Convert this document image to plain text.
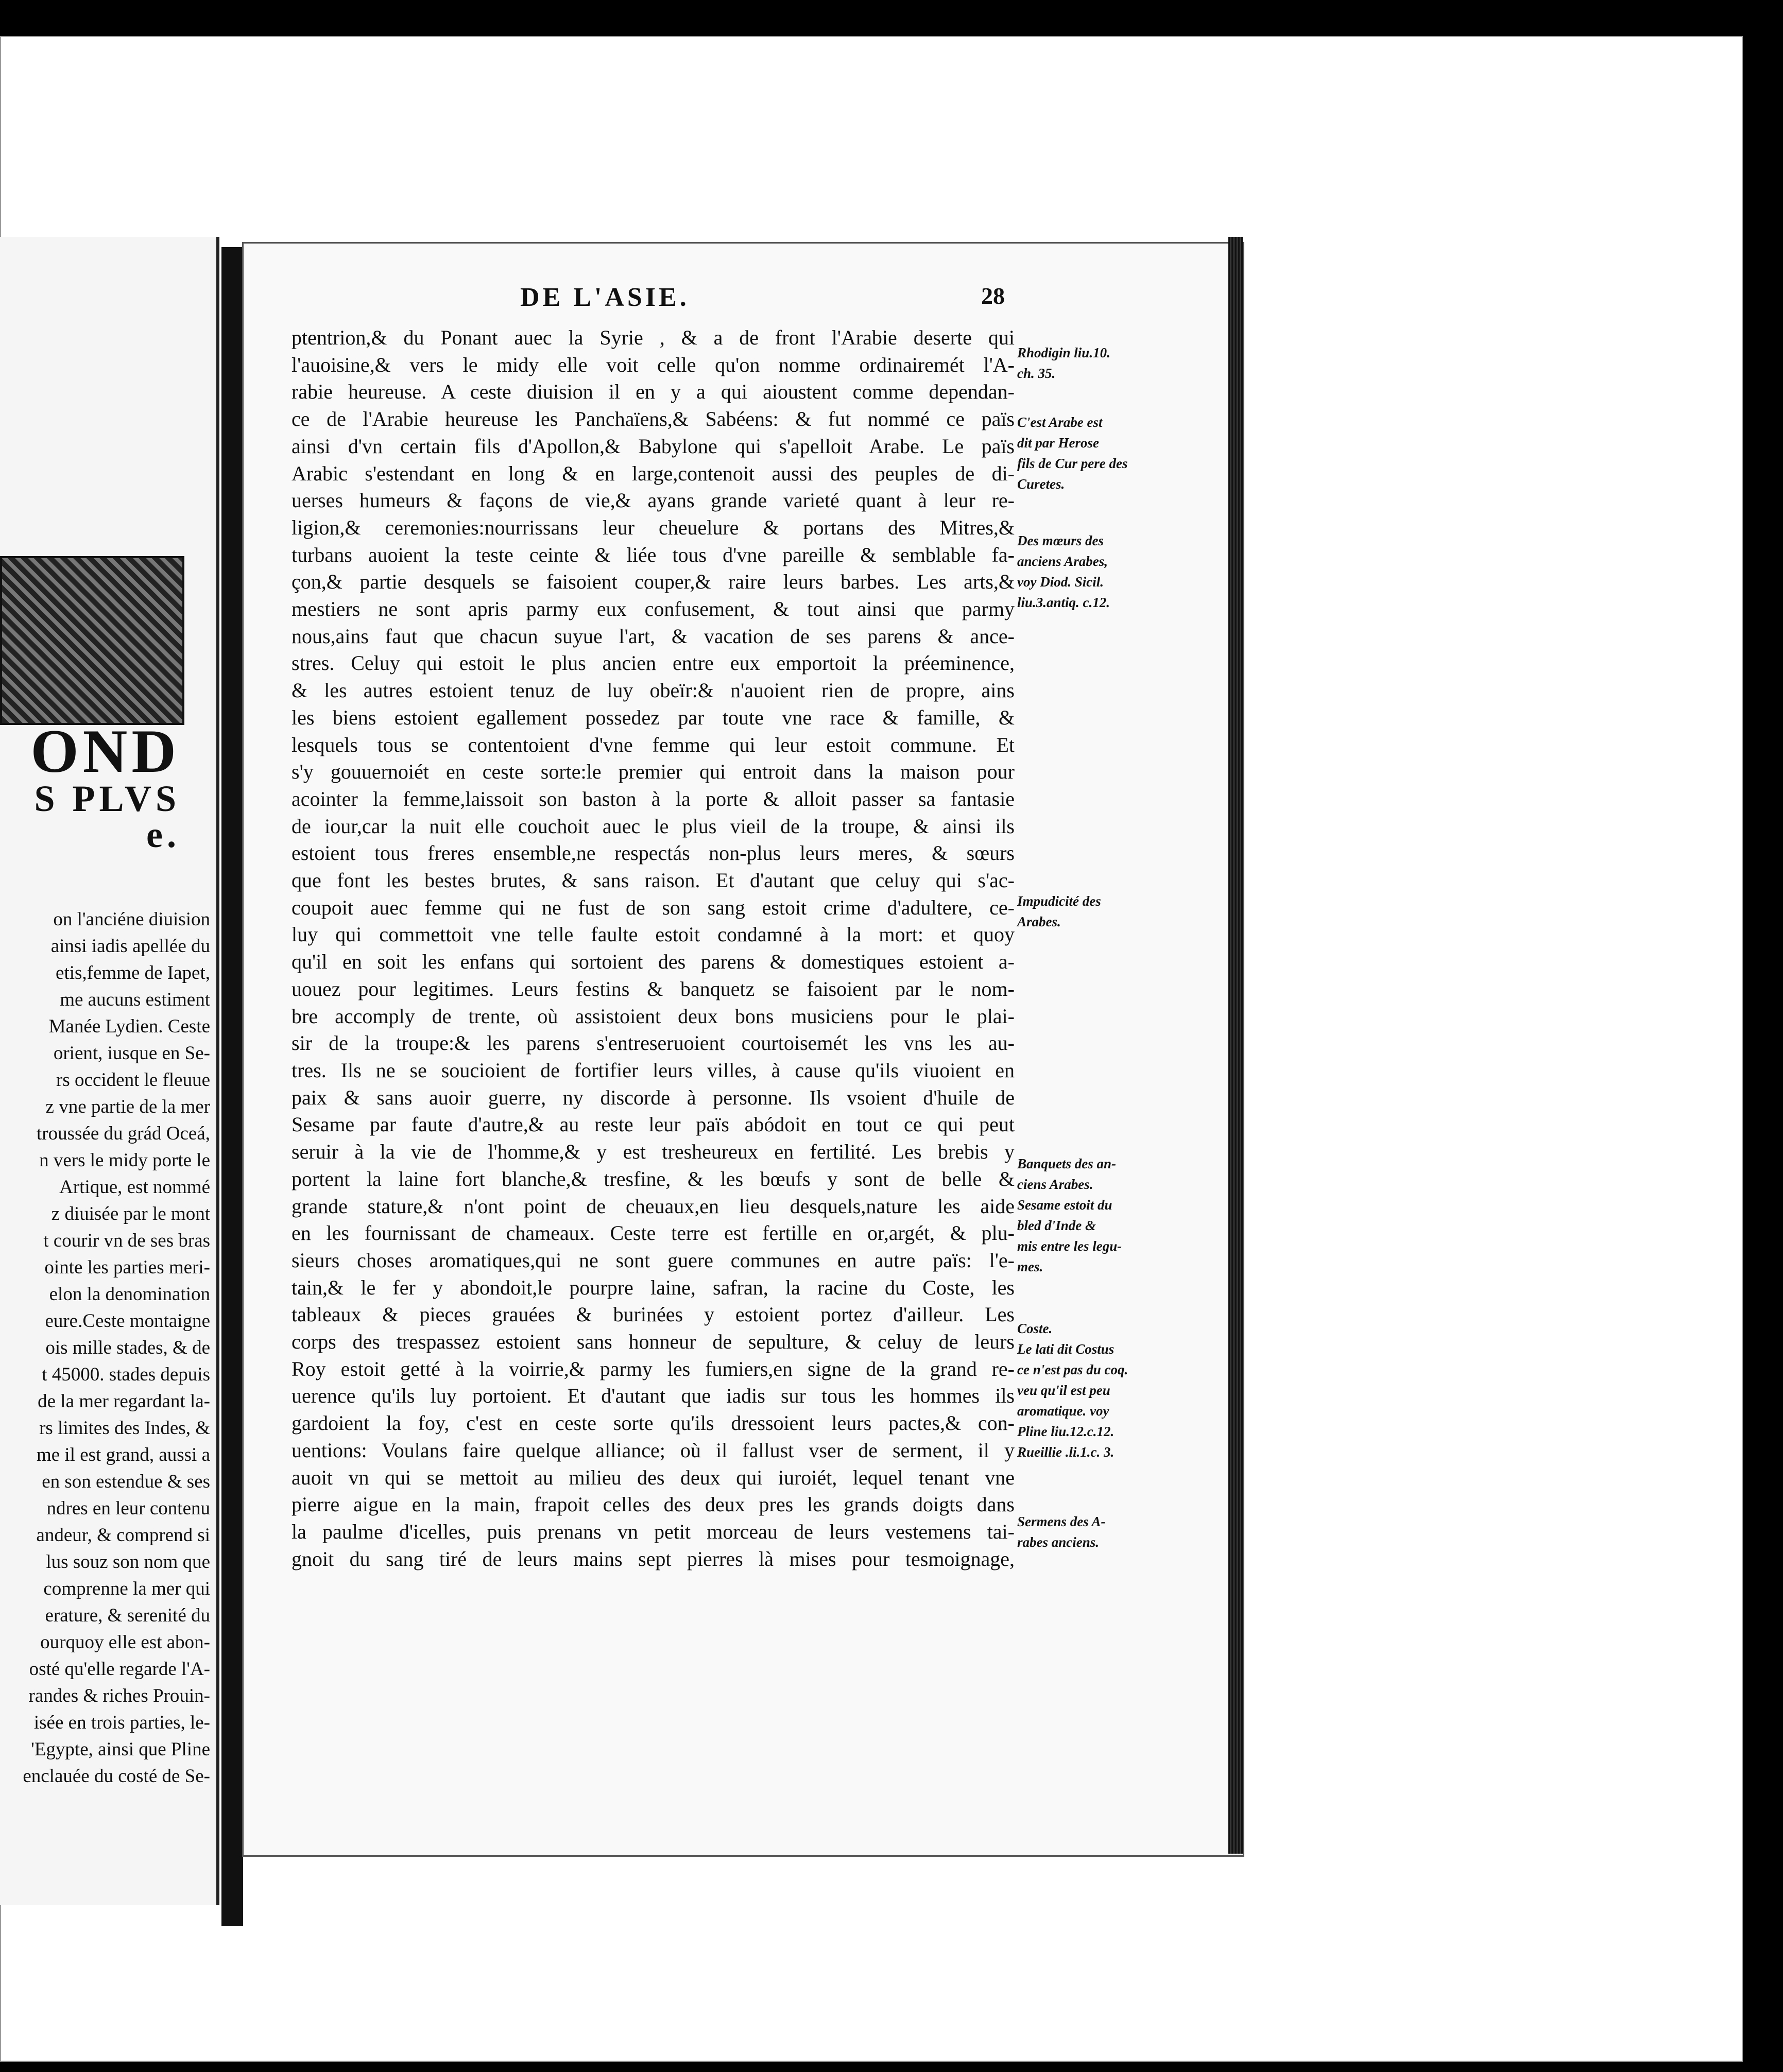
OND
S PLVS
e.
on l'anciéne diuision
ainsi iadis apellée du
etis,femme de Iapet,
me aucuns estiment
Manée Lydien. Ceste
orient, iusque en Se-
rs occident le fleuue
z vne partie de la mer
troussée du grád Oceá,
n vers le midy porte le
Artique, est nommé
z diuisée par le mont
t courir vn de ses bras
ointe les parties meri-
elon la denomination
eure.Ceste montaigne
ois mille stades, & de
t 45000. stades depuis
de la mer regardant la-
rs limites des Indes, &
me il est grand, aussi a
en son estendue & ses
ndres en leur contenu
andeur, & comprend si
lus souz son nom que
comprenne la mer qui
erature, & serenité du
ourquoy elle est abon-
osté qu'elle regarde l'A-
randes & riches Prouin-
isée en trois parties, le-
'Egypte, ainsi que Pline
enclauée du costé de Se-
DE L'ASIE.	28
ptentrion,& du Ponant auec la Syrie , & a de front l'Arabie deserte qui
l'auoisine,& vers le midy elle voit celle qu'on nomme ordinairemét l'A-
rabie heureuse. A ceste diuision il en y a qui aioustent comme dependan-
ce de l'Arabie heureuse les Panchaïens,& Sabéens: & fut nommé ce païs
ainsi d'vn certain fils d'Apollon,& Babylone qui s'apelloit Arabe. Le païs
Arabic s'estendant en long & en large,contenoit aussi des peuples de di-
uerses humeurs & façons de vie,& ayans grande varieté quant à leur re-
ligion,& ceremonies:nourrissans leur cheuelure & portans des Mitres,&
turbans auoient la teste ceinte & liée tous d'vne pareille & semblable fa-
çon,& partie desquels se faisoient couper,& raire leurs barbes. Les arts,&
mestiers ne sont apris parmy eux confusement, & tout ainsi que parmy
nous,ains faut que chacun suyue l'art, & vacation de ses parens & ance-
stres. Celuy qui estoit le plus ancien entre eux emportoit la préeminence,
& les autres estoient tenuz de luy obeïr:& n'auoient rien de propre, ains
les biens estoient egallement possedez par toute vne race & famille, &
lesquels tous se contentoient d'vne femme qui leur estoit commune. Et
s'y gouuernoiét en ceste sorte:le premier qui entroit dans la maison pour
acointer la femme,laissoit son baston à la porte & alloit passer sa fantasie
de iour,car la nuit elle couchoit auec le plus vieil de la troupe, & ainsi ils
estoient tous freres ensemble,ne respectás non-plus leurs meres, & sœurs
que font les bestes brutes, & sans raison. Et d'autant que celuy qui s'ac-
coupoit auec femme qui ne fust de son sang estoit crime d'adultere, ce-
luy qui commettoit vne telle faulte estoit condamné à la mort: et quoy
qu'il en soit les enfans qui sortoient des parens & domestiques estoient a-
uouez pour legitimes. Leurs festins & banquetz se faisoient par le nom-
bre accomply de trente, où assistoient deux bons musiciens pour le plai-
sir de la troupe:& les parens s'entreseruoient courtoisemét les vns les au-
tres. Ils ne se soucioient de fortifier leurs villes, à cause qu'ils viuoient en
paix & sans auoir guerre, ny discorde à personne. Ils vsoient d'huile de
Sesame par faute d'autre,& au reste leur païs abódoit en tout ce qui peut
seruir à la vie de l'homme,& y est tresheureux en fertilité. Les brebis y
portent la laine fort blanche,& tresfine, & les bœufs y sont de belle &
grande stature,& n'ont point de cheuaux,en lieu desquels,nature les aide
en les fournissant de chameaux. Ceste terre est fertille en or,argét, & plu-
sieurs choses aromatiques,qui ne sont guere communes en autre païs: l'e-
tain,& le fer y abondoit,le pourpre laine, safran, la racine du Coste, les
tableaux & pieces grauées & burinées y estoient portez d'ailleur. Les
corps des trespassez estoient sans honneur de sepulture, & celuy de leurs
Roy estoit getté à la voirrie,& parmy les fumiers,en signe de la grand re-
uerence qu'ils luy portoient. Et d'autant que iadis sur tous les hommes ils
gardoient la foy, c'est en ceste sorte qu'ils dressoient leurs pactes,& con-
uentions: Voulans faire quelque alliance; où il fallust vser de serment, il y
auoit vn qui se mettoit au milieu des deux qui iuroiét, lequel tenant vne
pierre aigue en la main, frapoit celles des deux pres les grands doigts dans
la paulme d'icelles, puis prenans vn petit morceau de leurs vestemens tai-
gnoit du sang tiré de leurs mains sept pierres là mises pour tesmoignage,
Rhodigin liu.10.
ch. 35.
C'est Arabe est
dit par Herose
fils de Cur pere des
Curetes.
Des mœurs des
anciens Arabes,
voy Diod. Sicil.
liu.3.antiq. c.12.
Impudicité des
Arabes.
Banquets des an-
ciens Arabes.
Sesame estoit du
bled d'Inde &
mis entre les legu-
mes.
Coste.
Le lati dit Costus
ce n'est pas du coq.
veu qu'il est peu
aromatique. voy
Pline liu.12.c.12.
Rueillie .li.1.c. 3.
Sermens des A-
rabes anciens.
